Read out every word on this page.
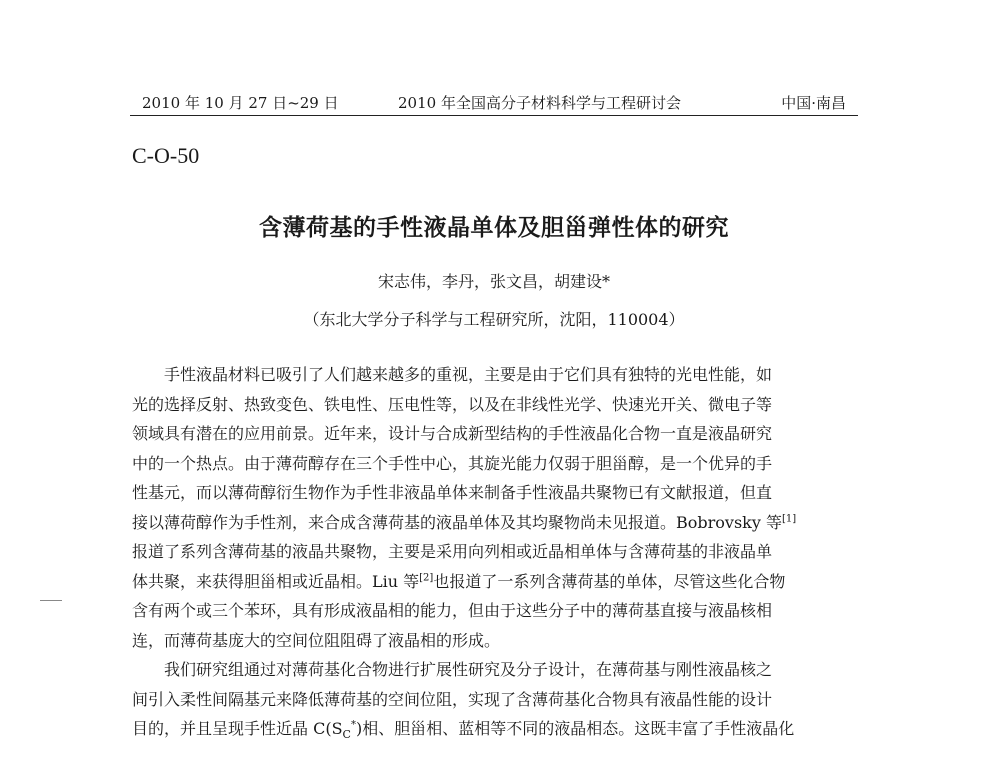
2010 年 10 月 27 日~29 日	2010 年全国高分子材料科学与工程研讨会	中国·南昌
C-O-50
含薄荷基的手性液晶单体及胆甾弹性体的研究
宋志伟，李丹，张文昌，胡建设*
（东北大学分子科学与工程研究所，沈阳，110004）
手性液晶材料已吸引了人们越来越多的重视，主要是由于它们具有独特的光电性能，如
光的选择反射、热致变色、铁电性、压电性等，以及在非线性光学、快速光开关、微电子等
领域具有潜在的应用前景。近年来，设计与合成新型结构的手性液晶化合物一直是液晶研究
中的一个热点。由于薄荷醇存在三个手性中心，其旋光能力仅弱于胆甾醇，是一个优异的手
性基元，而以薄荷醇衍生物作为手性非液晶单体来制备手性液晶共聚物已有文献报道，但直
接以薄荷醇作为手性剂，来合成含薄荷基的液晶单体及其均聚物尚未见报道。Bobrovsky 等[1]
报道了系列含薄荷基的液晶共聚物，主要是采用向列相或近晶相单体与含薄荷基的非液晶单
体共聚，来获得胆甾相或近晶相。Liu 等[2]也报道了一系列含薄荷基的单体，尽管这些化合物
含有两个或三个苯环，具有形成液晶相的能力，但由于这些分子中的薄荷基直接与液晶核相
连，而薄荷基庞大的空间位阻阻碍了液晶相的形成。
我们研究组通过对薄荷基化合物进行扩展性研究及分子设计，在薄荷基与刚性液晶核之
间引入柔性间隔基元来降低薄荷基的空间位阻，实现了含薄荷基化合物具有液晶性能的设计
目的，并且呈现手性近晶 $C(S_C^*)$相、胆甾相、蓝相等不同的液晶相态。这既丰富了手性液晶化
